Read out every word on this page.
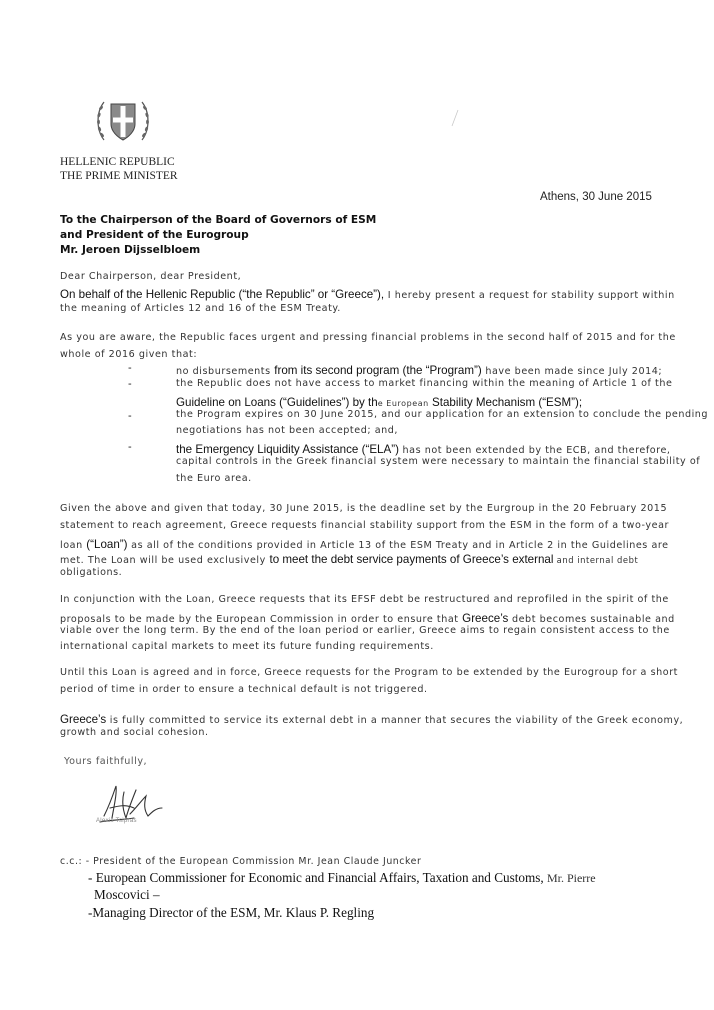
HELLENIC REPUBLIC
THE PRIME MINISTER
Athens, 30 June 2015
To the Chairperson of the Board of Governors of ESM
and President of the Eurogroup
Mr. Jeroen Dijsselbloem
Dear Chairperson, dear President,
On behalf of the Hellenic Republic (“the Republic” or “Greece”), I hereby present a request for stability support within
the meaning of Articles 12 and 16 of the ESM Treaty.
As you are aware, the Republic faces urgent and pressing financial problems in the second half of 2015 and for the
whole of 2016 given that:
-	no disbursements from its second program (the “Program”) have been made since July 2014;
-	the Republic does not have access to market financing within the meaning of Article 1 of the
Guideline on Loans (“Guidelines”) by the European Stability Mechanism (“ESM”);
-	the Program expires on 30 June 2015, and our application for an extension to conclude the pending
negotiations has not been accepted; and,
-	the Emergency Liquidity Assistance (“ELA”) has not been extended by the ECB, and therefore,
capital controls in the Greek financial system were necessary to maintain the financial stability of
the Euro area.
Given the above and given that today, 30 June 2015, is the deadline set by the Eurgroup in the 20 February 2015
statement to reach agreement, Greece requests financial stability support from the ESM in the form of a two-year
loan (“Loan”) as all of the conditions provided in Article 13 of the ESM Treaty and in Article 2 in the Guidelines are
met. The Loan will be used exclusively to meet the debt service payments of Greece’s external and internal debt
obligations.
In conjunction with the Loan, Greece requests that its EFSF debt be restructured and reprofiled in the spirit of the
proposals to be made by the European Commission in order to ensure that Greece’s debt becomes sustainable and
viable over the long term. By the end of the loan period or earlier, Greece aims to regain consistent access to the
international capital markets to meet its future funding requirements.
Until this Loan is agreed and in force, Greece requests for the Program to be extended by the Eurogroup for a short
period of time in order to ensure a technical default is not triggered.
Greece’s is fully committed to service its external debt in a manner that secures the viability of the Greek economy,
growth and social cohesion.
Yours faithfully,
Alexis Tsipras
c.c.: - President of the European Commission Mr. Jean Claude Juncker
- European Commissioner for Economic and Financial Affairs, Taxation and Customs, Mr. Pierre
Moscovici –
-Managing Director of the ESM, Mr. Klaus P. Regling
